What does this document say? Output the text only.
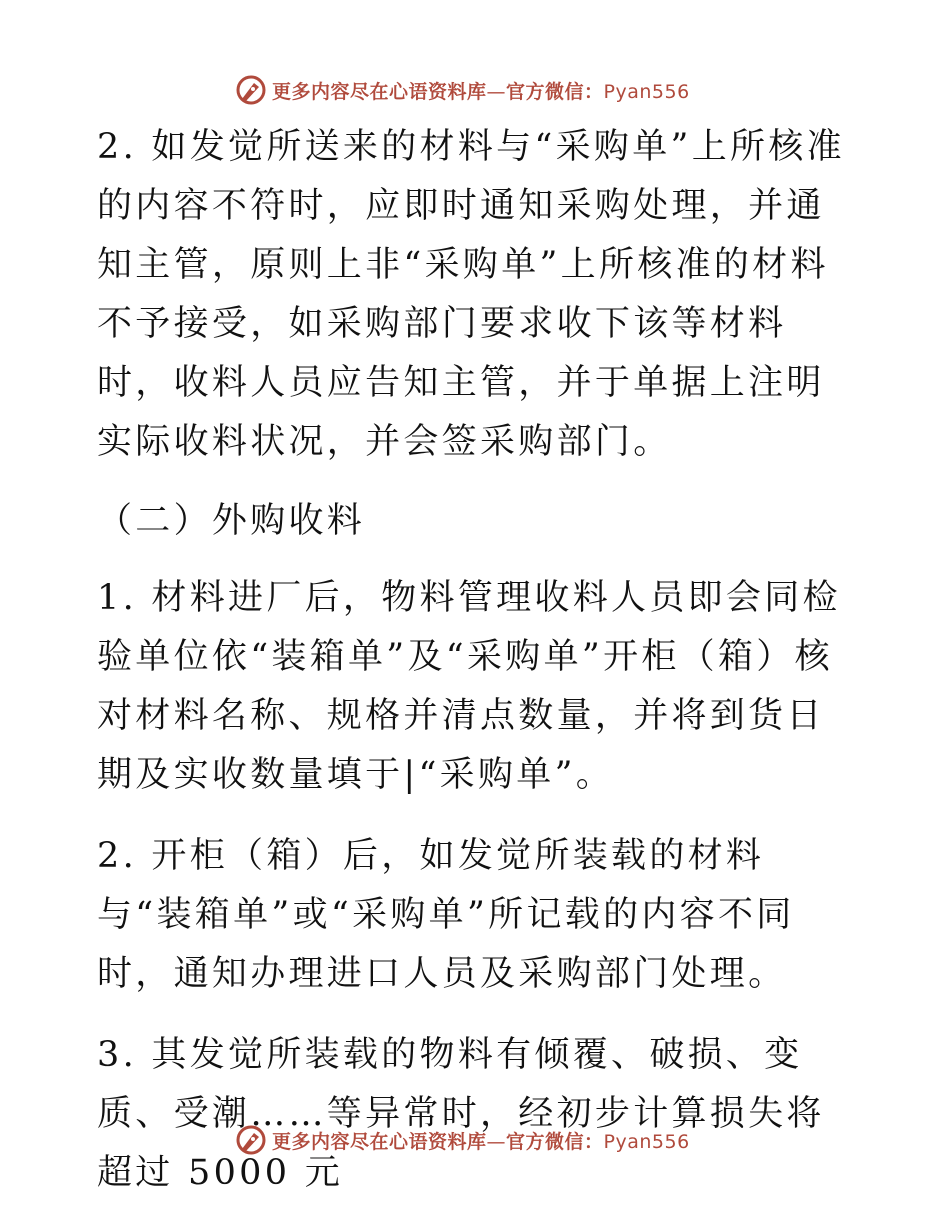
更多内容尽在心语资料库—官方微信：Pyan556

2. 如发觉所送来的材料与“采购单”上所核准的内容不符时，应即时通知采购处理，并通知主管，原则上非“采购单”上所核准的材料不予接受，如采购部门要求收下该等材料时，收料人员应告知主管，并于单据上注明实际收料状况，并会签采购部门。

（二）外购收料

1. 材料进厂后，物料管理收料人员即会同检验单位依“装箱单”及“采购单”开柜（箱）核对材料名称、规格并清点数量，并将到货日期及实收数量填于|“采购单”。

2. 开柜（箱）后，如发觉所装载的材料与“装箱单”或“采购单”所记载的内容不同时，通知办理进口人员及采购部门处理。

3. 其发觉所装载的物料有倾覆、破损、变质、受潮……等异常时，经初步计算损失将超过 5000 元

更多内容尽在心语资料库—官方微信：Pyan556
